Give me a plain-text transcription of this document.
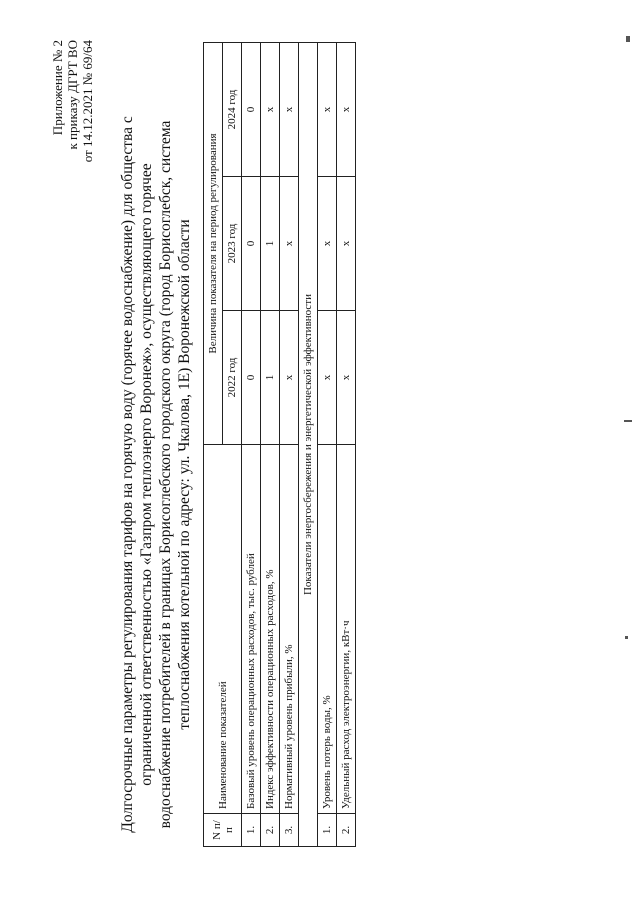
Приложение № 2 к приказу ДГРТ ВО от 14.12.2021 № 69/64
Долгосрочные параметры регулирования тарифов на горячую воду (горячее водоснабжение) для общества с ограниченной ответственностью «Газпром теплоэнерго Воронеж», осуществляющего горячее водоснабжение потребителей в границах Борисоглебского городского округа (город Борисоглебск, система теплоснабжения котельной по адресу: ул. Чкалова, 1Е) Воронежской области
N п/п	Наименование показателей	Величина показателя на период регулирования		
		2022 год	2023 год	2024 год
1.	Базовый уровень операционных расходов, тыс. рублей	0	0	0
2.	Индекс эффективности операционных расходов, %	1	1	х
3.	Нормативный уровень прибыли, %	х	х	х
Показатели энергосбережения и энергетической эффективности				
1.	Уровень потерь воды, %	х	х	х
2.	Удельный расход электроэнергии, кВт·ч	х	х	х
